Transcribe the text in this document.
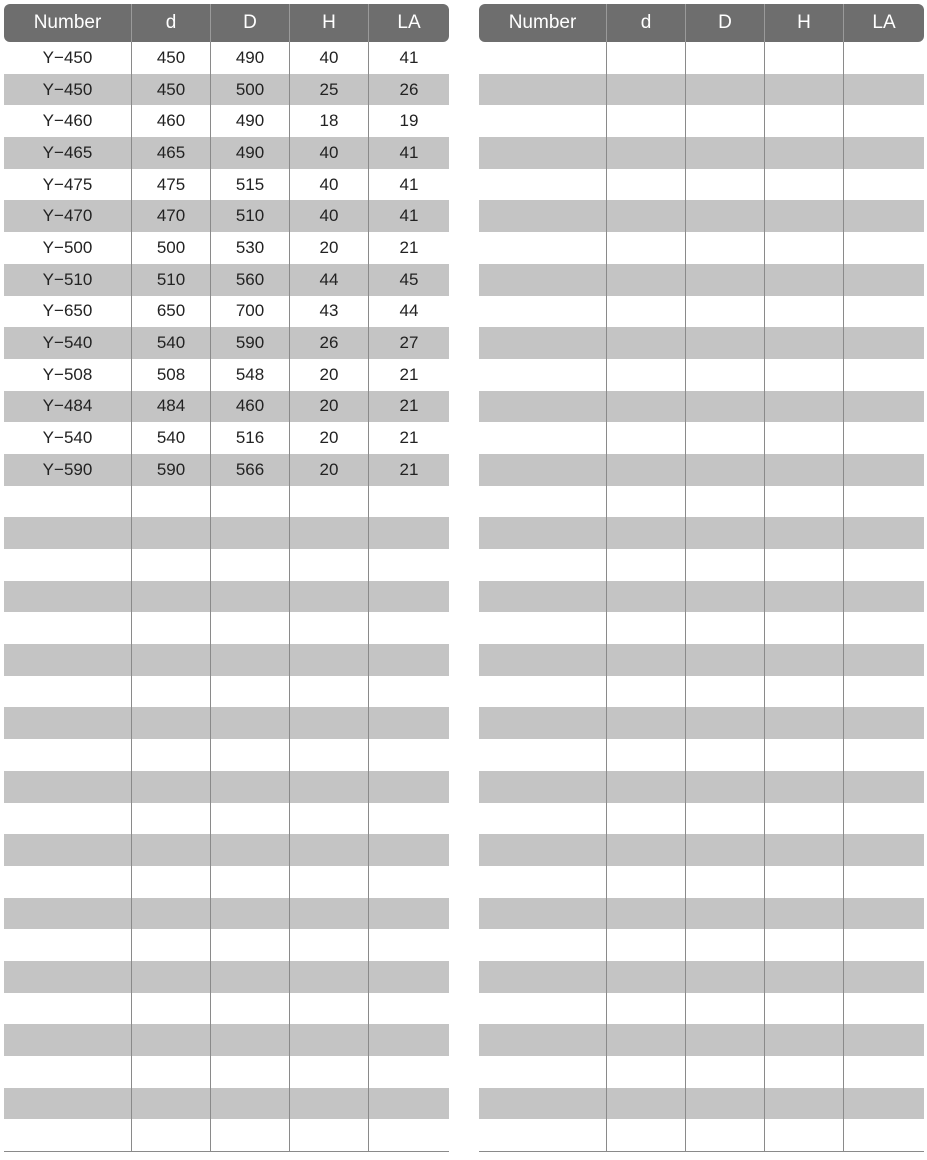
Number	d	D	H	LA
Y−450	450	490	40	41
Y−450	450	500	25	26
Y−460	460	490	18	19
Y−465	465	490	40	41
Y−475	475	515	40	41
Y−470	470	510	40	41
Y−500	500	530	20	21
Y−510	510	560	44	45
Y−650	650	700	43	44
Y−540	540	590	26	27
Y−508	508	548	20	21
Y−484	484	460	20	21
Y−540	540	516	20	21
Y−590	590	566	20	21
Number	d	D	H	LA
